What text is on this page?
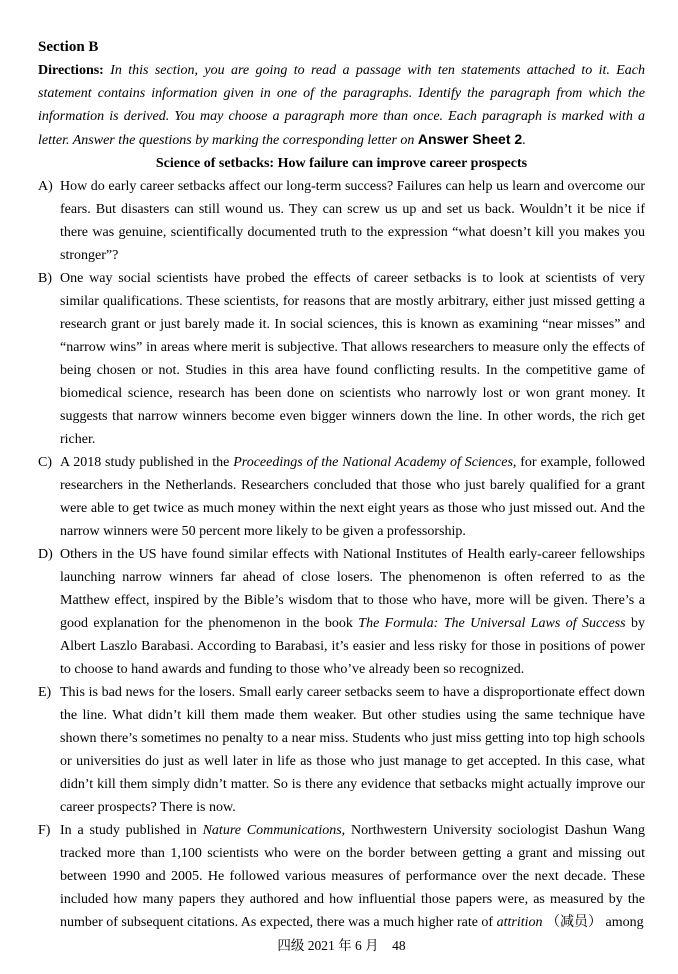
Section B

Directions: In this section, you are going to read a passage with ten statements attached to it. Each statement contains information given in one of the paragraphs. Identify the paragraph from which the information is derived. You may choose a paragraph more than once. Each paragraph is marked with a letter. Answer the questions by marking the corresponding letter on Answer Sheet 2.

Science of setbacks: How failure can improve career prospects
A) How do early career setbacks affect our long-term success? Failures can help us learn and overcome our fears. But disasters can still wound us. They can screw us up and set us back. Wouldn’t it be nice if there was genuine, scientifically documented truth to the expression “what doesn’t kill you makes you stronger”?
B) One way social scientists have probed the effects of career setbacks is to look at scientists of very similar qualifications. These scientists, for reasons that are mostly arbitrary, either just missed getting a research grant or just barely made it. In social sciences, this is known as examining “near misses” and “narrow wins” in areas where merit is subjective. That allows researchers to measure only the effects of being chosen or not. Studies in this area have found conflicting results. In the competitive game of biomedical science, research has been done on scientists who narrowly lost or won grant money. It suggests that narrow winners become even bigger winners down the line. In other words, the rich get richer.
C) A 2018 study published in the Proceedings of the National Academy of Sciences, for example, followed researchers in the Netherlands. Researchers concluded that those who just barely qualified for a grant were able to get twice as much money within the next eight years as those who just missed out. And the narrow winners were 50 percent more likely to be given a professorship.
D) Others in the US have found similar effects with National Institutes of Health early-career fellowships launching narrow winners far ahead of close losers. The phenomenon is often referred to as the Matthew effect, inspired by the Bible’s wisdom that to those who have, more will be given. There’s a good explanation for the phenomenon in the book The Formula: The Universal Laws of Success by Albert Laszlo Barabasi. According to Barabasi, it’s easier and less risky for those in positions of power to choose to hand awards and funding to those who’ve already been so recognized.
E) This is bad news for the losers. Small early career setbacks seem to have a disproportionate effect down the line. What didn’t kill them made them weaker. But other studies using the same technique have shown there’s sometimes no penalty to a near miss. Students who just miss getting into top high schools or universities do just as well later in life as those who just manage to get accepted. In this case, what didn’t kill them simply didn’t matter. So is there any evidence that setbacks might actually improve our career prospects? There is now.
F) In a study published in Nature Communications, Northwestern University sociologist Dashun Wang tracked more than 1,100 scientists who were on the border between getting a grant and missing out between 1990 and 2005. He followed various measures of performance over the next decade. These included how many papers they authored and how influential those papers were, as measured by the number of subsequent citations. As expected, there was a much higher rate of attrition （减员） among
四级 2021 年 6 月　48
